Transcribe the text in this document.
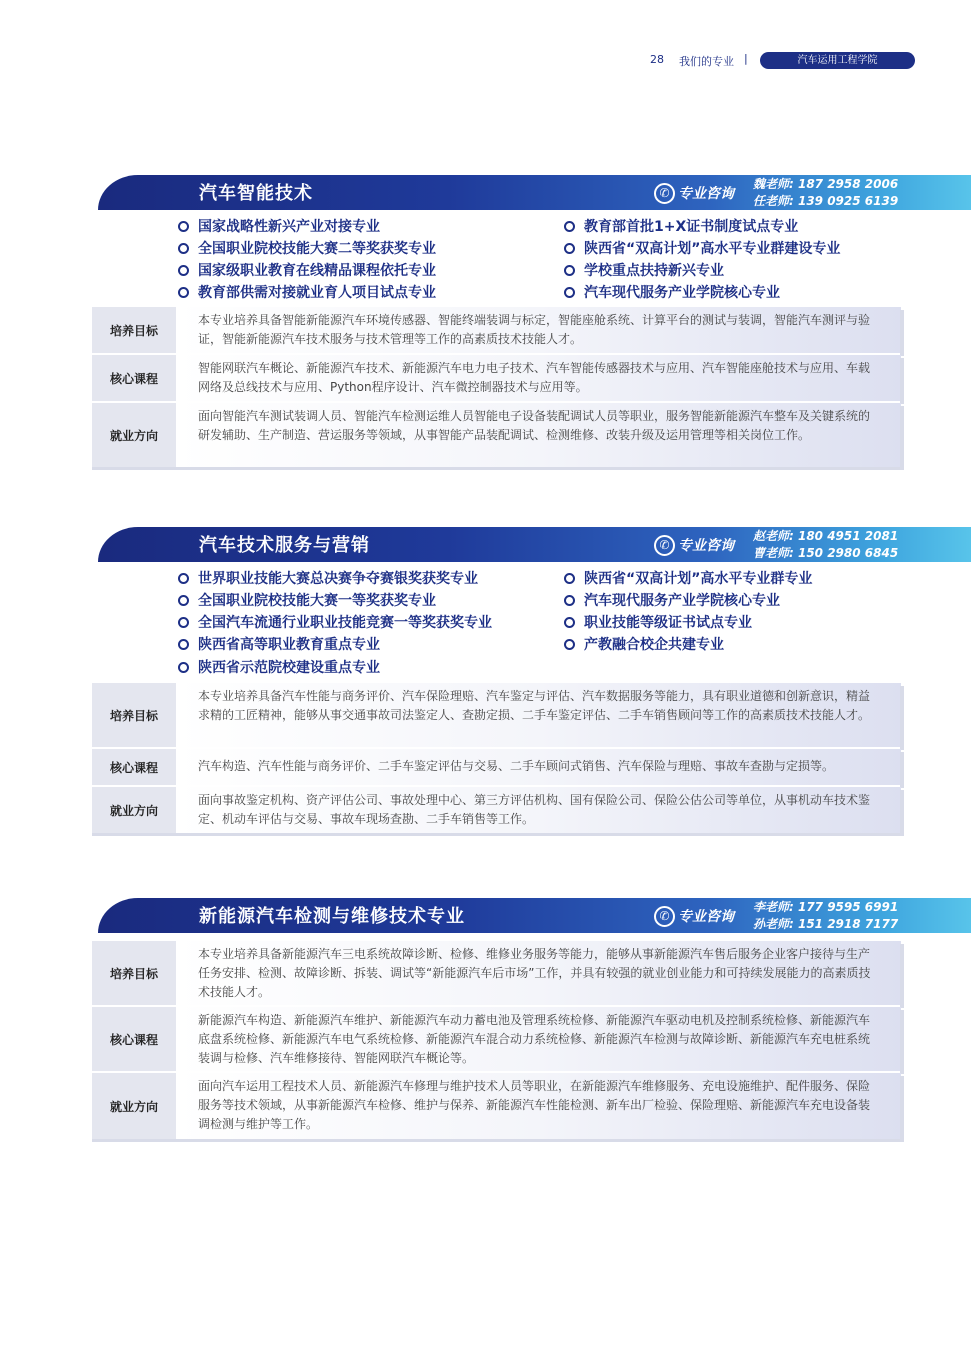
28 我们的专业 |	汽车运用工程学院
汽车智能技术	✆ 专业咨询
魏老师: 187 2958 2006
任老师: 139 0925 6139
国家战略性新兴产业对接专业
全国职业院校技能大赛二等奖获奖专业
国家级职业教育在线精品课程依托专业
教育部供需对接就业育人项目试点专业
教育部首批1+X证书制度试点专业
陕西省“双高计划”高水平专业群建设专业
学校重点扶持新兴专业
汽车现代服务产业学院核心专业
培养目标
本专业培养具备智能新能源汽车环境传感器、智能终端装调与标定，智能座舱系统、计算平台的测试与装调，智能汽车测评与验证，智能新能源汽车技术服务与技术管理等工作的高素质技术技能人才。
核心课程
智能网联汽车概论、新能源汽车技术、新能源汽车电力电子技术、汽车智能传感器技术与应用、汽车智能座舱技术与应用、车载网络及总线技术与应用、Python程序设计、汽车微控制器技术与应用等。
就业方向
面向智能汽车测试装调人员、智能汽车检测运维人员智能电子设备装配调试人员等职业，服务智能新能源汽车整车及关键系统的研发辅助、生产制造、营运服务等领域，从事智能产品装配调试、检测维修、改装升级及运用管理等相关岗位工作。
汽车技术服务与营销	✆ 专业咨询
赵老师: 180 4951 2081
曹老师: 150 2980 6845
世界职业技能大赛总决赛争夺赛银奖获奖专业
全国职业院校技能大赛一等奖获奖专业
全国汽车流通行业职业技能竞赛一等奖获奖专业
陕西省高等职业教育重点专业
陕西省示范院校建设重点专业
陕西省“双高计划”高水平专业群专业
汽车现代服务产业学院核心专业
职业技能等级证书试点专业
产教融合校企共建专业
培养目标
本专业培养具备汽车性能与商务评价、汽车保险理赔、汽车鉴定与评估、汽车数据服务等能力，具有职业道德和创新意识，精益求精的工匠精神，能够从事交通事故司法鉴定人、查勘定损、二手车鉴定评估、二手车销售顾问等工作的高素质技术技能人才。
核心课程	汽车构造、汽车性能与商务评价、二手车鉴定评估与交易、二手车顾问式销售、汽车保险与理赔、事故车查勘与定损等。
就业方向
面向事故鉴定机构、资产评估公司、事故处理中心、第三方评估机构、国有保险公司、保险公估公司等单位，从事机动车技术鉴定、机动车评估与交易、事故车现场查勘、二手车销售等工作。
新能源汽车检测与维修技术专业	✆ 专业咨询
李老师: 177 9595 6991
孙老师: 151 2918 7177
培养目标
本专业培养具备新能源汽车三电系统故障诊断、检修、维修业务服务等能力，能够从事新能源汽车售后服务企业客户接待与生产任务安排、检测、故障诊断、拆装、调试等“新能源汽车后市场”工作，并具有较强的就业创业能力和可持续发展能力的高素质技术技能人才。
核心课程
新能源汽车构造、新能源汽车维护、新能源汽车动力蓄电池及管理系统检修、新能源汽车驱动电机及控制系统检修、新能源汽车底盘系统检修、新能源汽车电气系统检修、新能源汽车混合动力系统检修、新能源汽车检测与故障诊断、新能源汽车充电桩系统装调与检修、汽车维修接待、智能网联汽车概论等。
就业方向
面向汽车运用工程技术人员、新能源汽车修理与维护技术人员等职业，在新能源汽车维修服务、充电设施维护、配件服务、保险服务等技术领域，从事新能源汽车检修、维护与保养、新能源汽车性能检测、新车出厂检验、保险理赔、新能源汽车充电设备装调检测与维护等工作。
